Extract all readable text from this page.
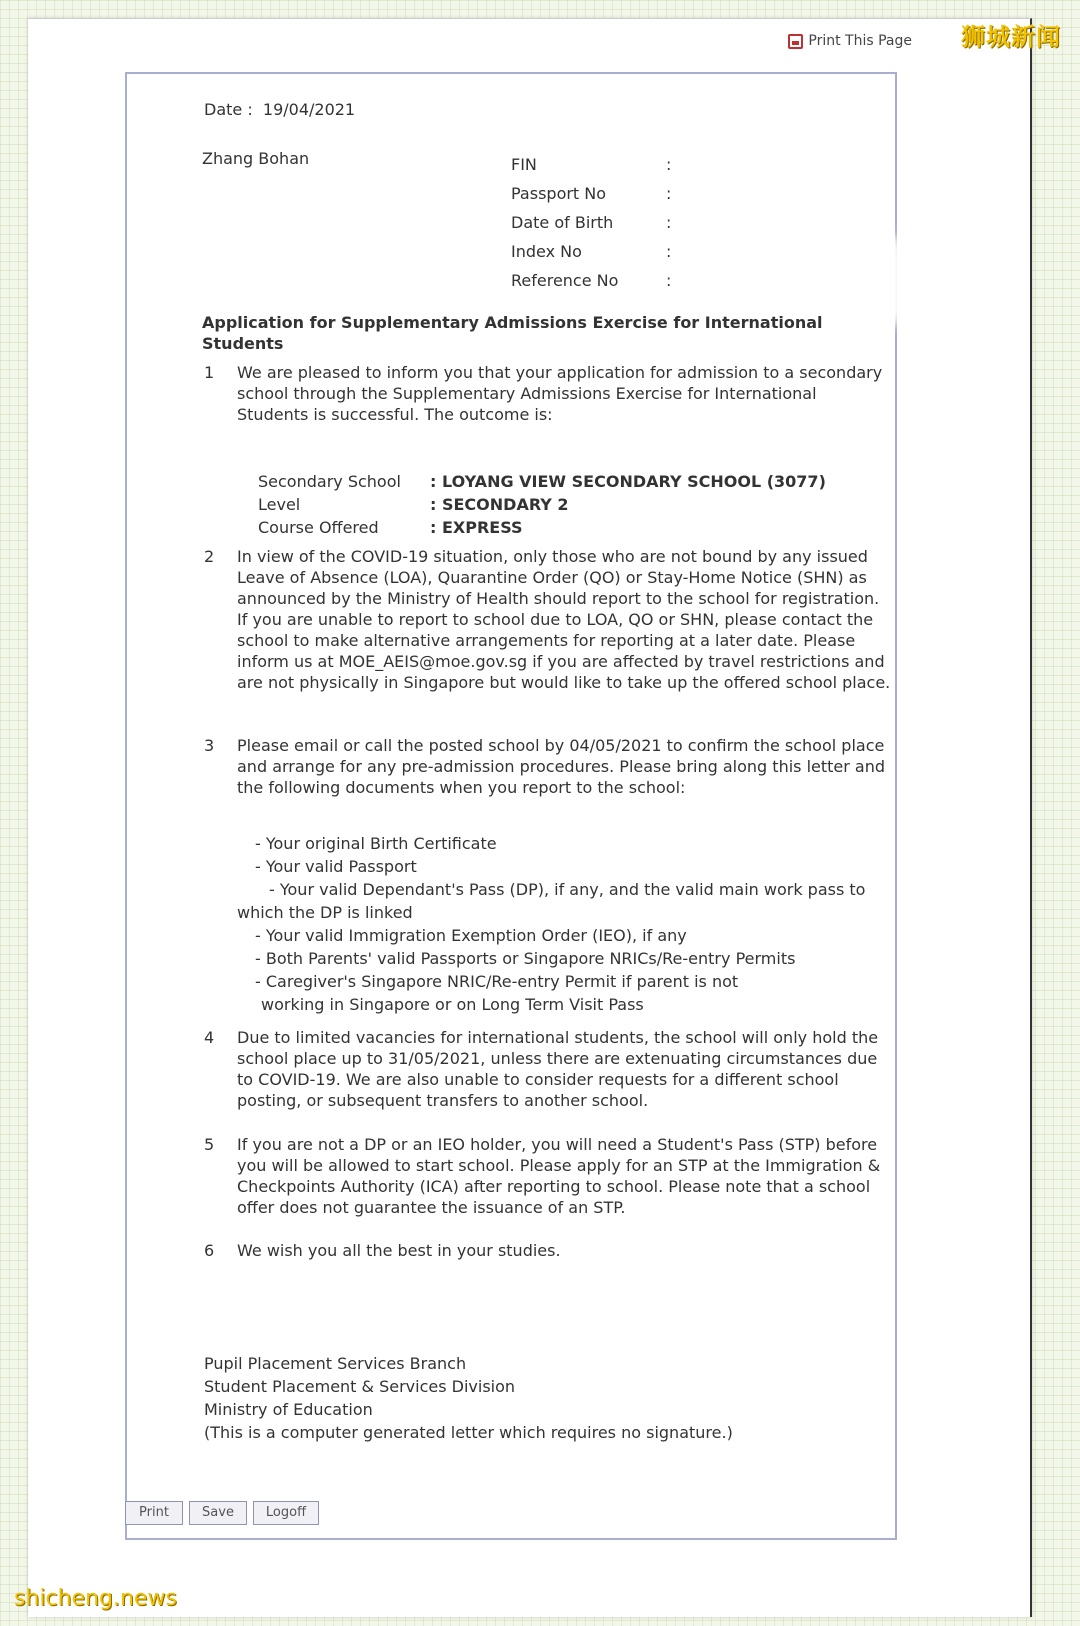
Print This Page
Date : 19/04/2021
Zhang Bohan	FIN	:
Passport No	:
Date of Birth	:
Index No	:
Reference No	:
Application for Supplementary Admissions Exercise for International Students
1	We are pleased to inform you that your application for admission to a secondary school through the Supplementary Admissions Exercise for International Students is successful. The outcome is:
Secondary School	: LOYANG VIEW SECONDARY SCHOOL (3077)
Level	: SECONDARY 2
Course Offered	: EXPRESS
2	In view of the COVID-19 situation, only those who are not bound by any issued Leave of Absence (LOA), Quarantine Order (QO) or Stay-Home Notice (SHN) as announced by the Ministry of Health should report to the school for registration. If you are unable to report to school due to LOA, QO or SHN, please contact the school to make alternative arrangements for reporting at a later date. Please inform us at MOE_AEIS@moe.gov.sg if you are affected by travel restrictions and are not physically in Singapore but would like to take up the offered school place.
3	Please email or call the posted school by 04/05/2021 to confirm the school place and arrange for any pre-admission procedures. Please bring along this letter and the following documents when you report to the school:
- Your original Birth Certificate
- Your valid Passport
- Your valid Dependant's Pass (DP), if any, and the valid main work pass to
which the DP is linked
- Your valid Immigration Exemption Order (IEO), if any
- Both Parents' valid Passports or Singapore NRICs/Re-entry Permits
- Caregiver's Singapore NRIC/Re-entry Permit if parent is not
working in Singapore or on Long Term Visit Pass
4	Due to limited vacancies for international students, the school will only hold the school place up to 31/05/2021, unless there are extenuating circumstances due to COVID-19. We are also unable to consider requests for a different school posting, or subsequent transfers to another school.
5	If you are not a DP or an IEO holder, you will need a Student's Pass (STP) before you will be allowed to start school. Please apply for an STP at the Immigration & Checkpoints Authority (ICA) after reporting to school. Please note that a school offer does not guarantee the issuance of an STP.
6	We wish you all the best in your studies.
Pupil Placement Services Branch
Student Placement & Services Division
Ministry of Education
(This is a computer generated letter which requires no signature.)
Print	Save	Logoff
狮城新闻
shicheng.news
